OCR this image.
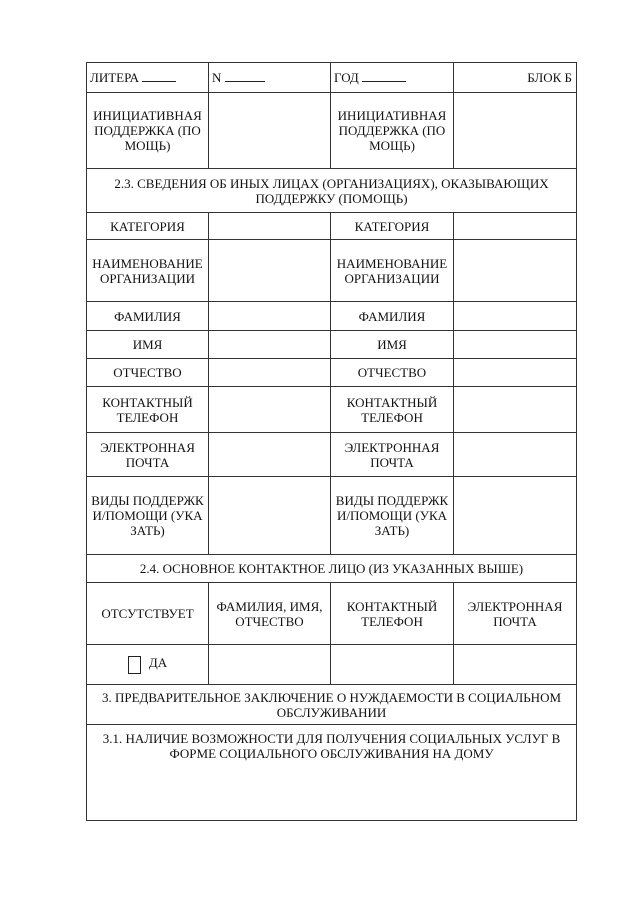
ЛИТЕРА	N	ГОД	БЛОК Б
ИНИЦИАТИВНАЯ ПОДДЕРЖКА (ПОМОЩЬ)		ИНИЦИАТИВНАЯ ПОДДЕРЖКА (ПОМОЩЬ)	
2.3. СВЕДЕНИЯ ОБ ИНЫХ ЛИЦАХ (ОРГАНИЗАЦИЯХ), ОКАЗЫВАЮЩИХ ПОДДЕРЖКУ (ПОМОЩЬ)			
КАТЕГОРИЯ		КАТЕГОРИЯ	
НАИМЕНОВАНИЕ ОРГАНИЗАЦИИ		НАИМЕНОВАНИЕ ОРГАНИЗАЦИИ	
ФАМИЛИЯ		ФАМИЛИЯ	
ИМЯ		ИМЯ	
ОТЧЕСТВО		ОТЧЕСТВО	
КОНТАКТНЫЙ ТЕЛЕФОН		КОНТАКТНЫЙ ТЕЛЕФОН	
ЭЛЕКТРОННАЯ ПОЧТА		ЭЛЕКТРОННАЯ ПОЧТА	
ВИДЫ ПОДДЕРЖКИ/ПОМОЩИ (УКАЗАТЬ)		ВИДЫ ПОДДЕРЖКИ/ПОМОЩИ (УКАЗАТЬ)	
2.4. ОСНОВНОЕ КОНТАКТНОЕ ЛИЦО (ИЗ УКАЗАННЫХ ВЫШЕ)			
ОТСУТСТВУЕТ	ФАМИЛИЯ, ИМЯ, ОТЧЕСТВО	КОНТАКТНЫЙ ТЕЛЕФОН	ЭЛЕКТРОННАЯ ПОЧТА
ДА			
3. ПРЕДВАРИТЕЛЬНОЕ ЗАКЛЮЧЕНИЕ О НУЖДАЕМОСТИ В СОЦИАЛЬНОМ ОБСЛУЖИВАНИИ			
3.1. НАЛИЧИЕ ВОЗМОЖНОСТИ ДЛЯ ПОЛУЧЕНИЯ СОЦИАЛЬНЫХ УСЛУГ В ФОРМЕ СОЦИАЛЬНОГО ОБСЛУЖИВАНИЯ НА ДОМУ			
